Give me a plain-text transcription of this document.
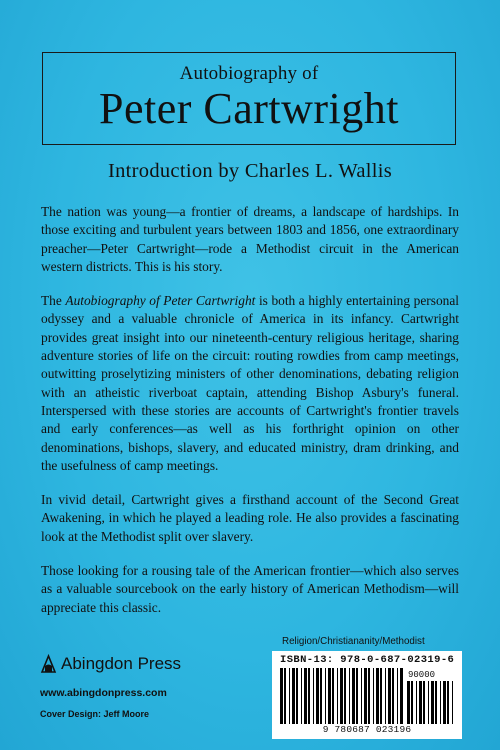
Autobiography of
Peter Cartwright
Introduction by Charles L. Wallis

The nation was young—a frontier of dreams, a landscape of hardships. In those exciting and turbulent years between 1803 and 1856, one extraordinary preacher—Peter Cartwright—rode a Methodist circuit in the American western districts. This is his story.

The Autobiography of Peter Cartwright is both a highly entertaining personal odyssey and a valuable chronicle of America in its infancy. Cartwright provides great insight into our nineteenth-century religious heritage, sharing adventure stories of life on the circuit: routing rowdies from camp meetings, outwitting proselytizing ministers of other denominations, debating religion with an atheistic riverboat captain, attending Bishop Asbury's funeral. Interspersed with these stories are accounts of Cartwright's frontier travels and early conferences—as well as his forthright opinion on other denominations, bishops, slavery, and educated ministry, dram drinking, and the usefulness of camp meetings.

In vivid detail, Cartwright gives a firsthand account of the Second Great Awakening, in which he played a leading role. He also provides a fascinating look at the Methodist split over slavery.

Those looking for a rousing tale of the American frontier—which also serves as a valuable sourcebook on the early history of American Methodism—will appreciate this classic.

Abingdon Press
www.abingdonpress.com
Cover Design: Jeff Moore
Religion/Christiananity/Methodist
ISBN-13: 978-0-687-02319-6
90000
9 780687 023196
